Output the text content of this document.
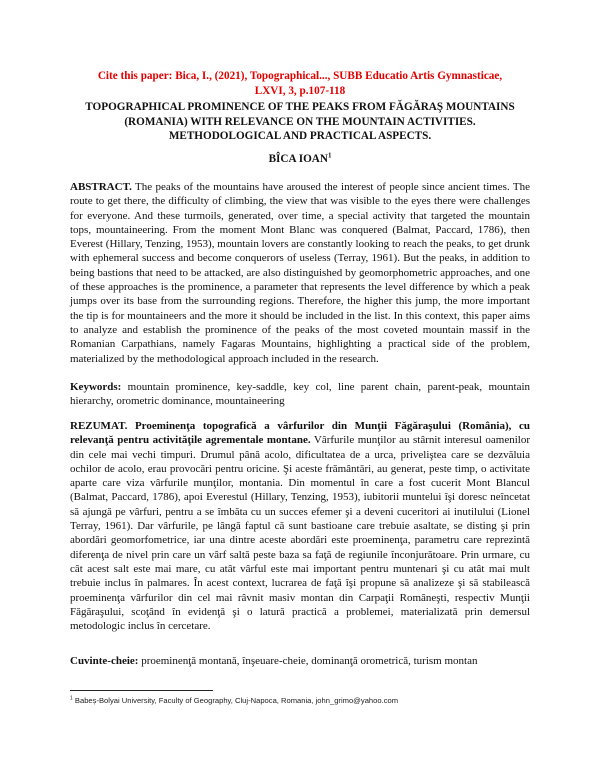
Cite this paper: Bica, I., (2021), Topographical..., SUBB Educatio Artis Gymnasticae,
LXVI, 3, p.107-118
TOPOGRAPHICAL PROMINENCE OF THE PEAKS FROM FĂGĂRAŞ MOUNTAINS
(ROMANIA) WITH RELEVANCE ON THE MOUNTAIN ACTIVITIES.
METHODOLOGICAL AND PRACTICAL ASPECTS.
BÎCA IOAN$^1$
ABSTRACT. The peaks of the mountains have aroused the interest of people since ancient times. The route to get there, the difficulty of climbing, the view that was visible to the eyes there were challenges for everyone. And these turmoils, generated, over time, a special activity that targeted the mountain tops, mountaineering. From the moment Mont Blanc was conquered (Balmat, Paccard, 1786), then Everest (Hillary, Tenzing, 1953), mountain lovers are constantly looking to reach the peaks, to get drunk with ephemeral success and become conquerors of useless (Terray, 1961). But the peaks, in addition to being bastions that need to be attacked, are also distinguished by geomorphometric approaches, and one of these approaches is the prominence, a parameter that represents the level difference by which a peak jumps over its base from the surrounding regions. Therefore, the higher this jump, the more important the tip is for mountaineers and the more it should be included in the list. In this context, this paper aims to analyze and establish the prominence of the peaks of the most coveted mountain massif in the Romanian Carpathians, namely Fagaras Mountains, highlighting a practical side of the problem, materialized by the methodological approach included in the research.
Keywords: mountain prominence, key-saddle, key col, line parent chain, parent-peak, mountain hierarchy, orometric dominance, mountaineering
REZUMAT. Proeminenţa topografică a vârfurilor din Munţii Făgăraşului (România), cu relevanţă pentru activităţile agrementale montane. Vârfurile munţilor au stârnit interesul oamenilor din cele mai vechi timpuri. Drumul până acolo, dificultatea de a urca, priveliştea care se dezvăluia ochilor de acolo, erau provocări pentru oricine. Şi aceste frământări, au generat, peste timp, o activitate aparte care viza vârfurile munţilor, montania. Din momentul în care a fost cucerit Mont Blancul (Balmat, Paccard, 1786), apoi Everestul (Hillary, Tenzing, 1953), iubitorii muntelui îşi doresc neîncetat să ajungă pe vârfuri, pentru a se îmbăta cu un succes efemer şi a deveni cuceritori ai inutilului (Lionel Terray, 1961). Dar vârfurile, pe lângă faptul că sunt bastioane care trebuie asaltate, se disting şi prin abordări geomorfometrice, iar una dintre aceste abordări este proeminenţa, parametru care reprezintă diferenţa de nivel prin care un vârf saltă peste baza sa faţă de regiunile înconjurătoare. Prin urmare, cu cât acest salt este mai mare, cu atât vârful este mai important pentru muntenari şi cu atât mai mult trebuie inclus în palmares. În acest context, lucrarea de faţă îşi propune să analizeze şi să stabilească proeminenţa vârfurilor din cel mai râvnit masiv montan din Carpaţii Româneşti, respectiv Munţii Făgăraşului, scoţând în evidenţă şi o latură practică a problemei, materializată prin demersul metodologic inclus în cercetare.
Cuvinte-cheie: proeminenţă montană, înşeuare-cheie, dominanţă orometrică, turism montan
$^1$ Babeș-Bolyai University, Faculty of Geography, Cluj-Napoca, Romania, john_grimo@yahoo.com
